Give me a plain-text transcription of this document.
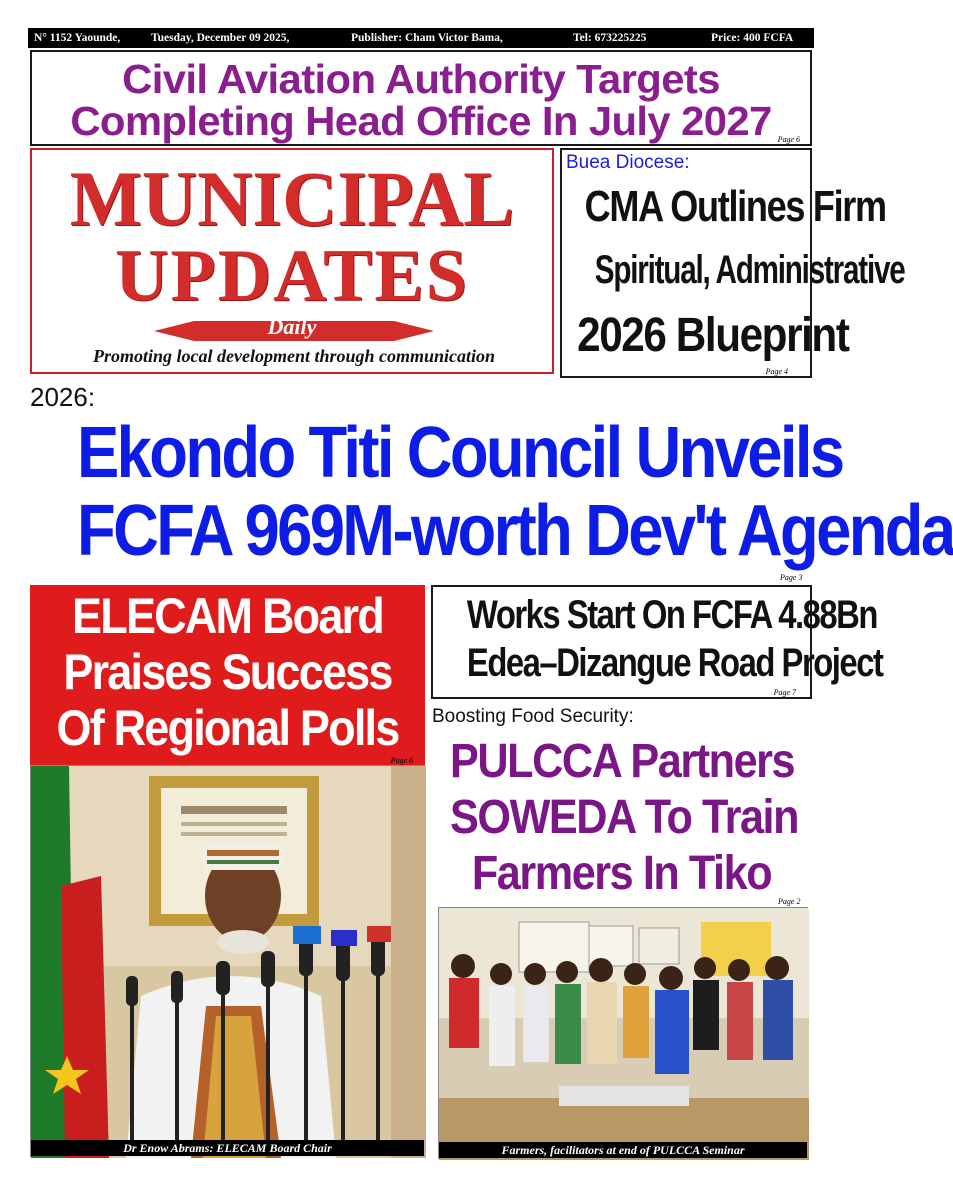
N° 1152 Yaounde,	Tuesday, December 09 2025,	Publisher: Cham Victor Bama,	Tel: 673225225	Price: 400 FCFA
Civil Aviation Authority Targets
Completing Head Office In July 2027 Page 6
MUNICIPAL
UPDATES
Daily
Promoting local development through communication
Buea Diocese:
CMA Outlines Firm
Spiritual, Administrative
2026 Blueprint
Page 4
2026:
Ekondo Titi Council Unveils
FCFA 969M-worth Dev't Agenda
Page 3
ELECAM Board
Praises Success
Of Regional Polls
Page 6
Dr Enow Abrams: ELECAM Board Chair
Works Start On FCFA 4.88Bn
Edea–Dizangue Road Project
Page 7
Boosting Food Security:
PULCCA Partners
SOWEDA To Train
Farmers In Tiko
Page 2
Farmers, facilitators at end of PULCCA Seminar
